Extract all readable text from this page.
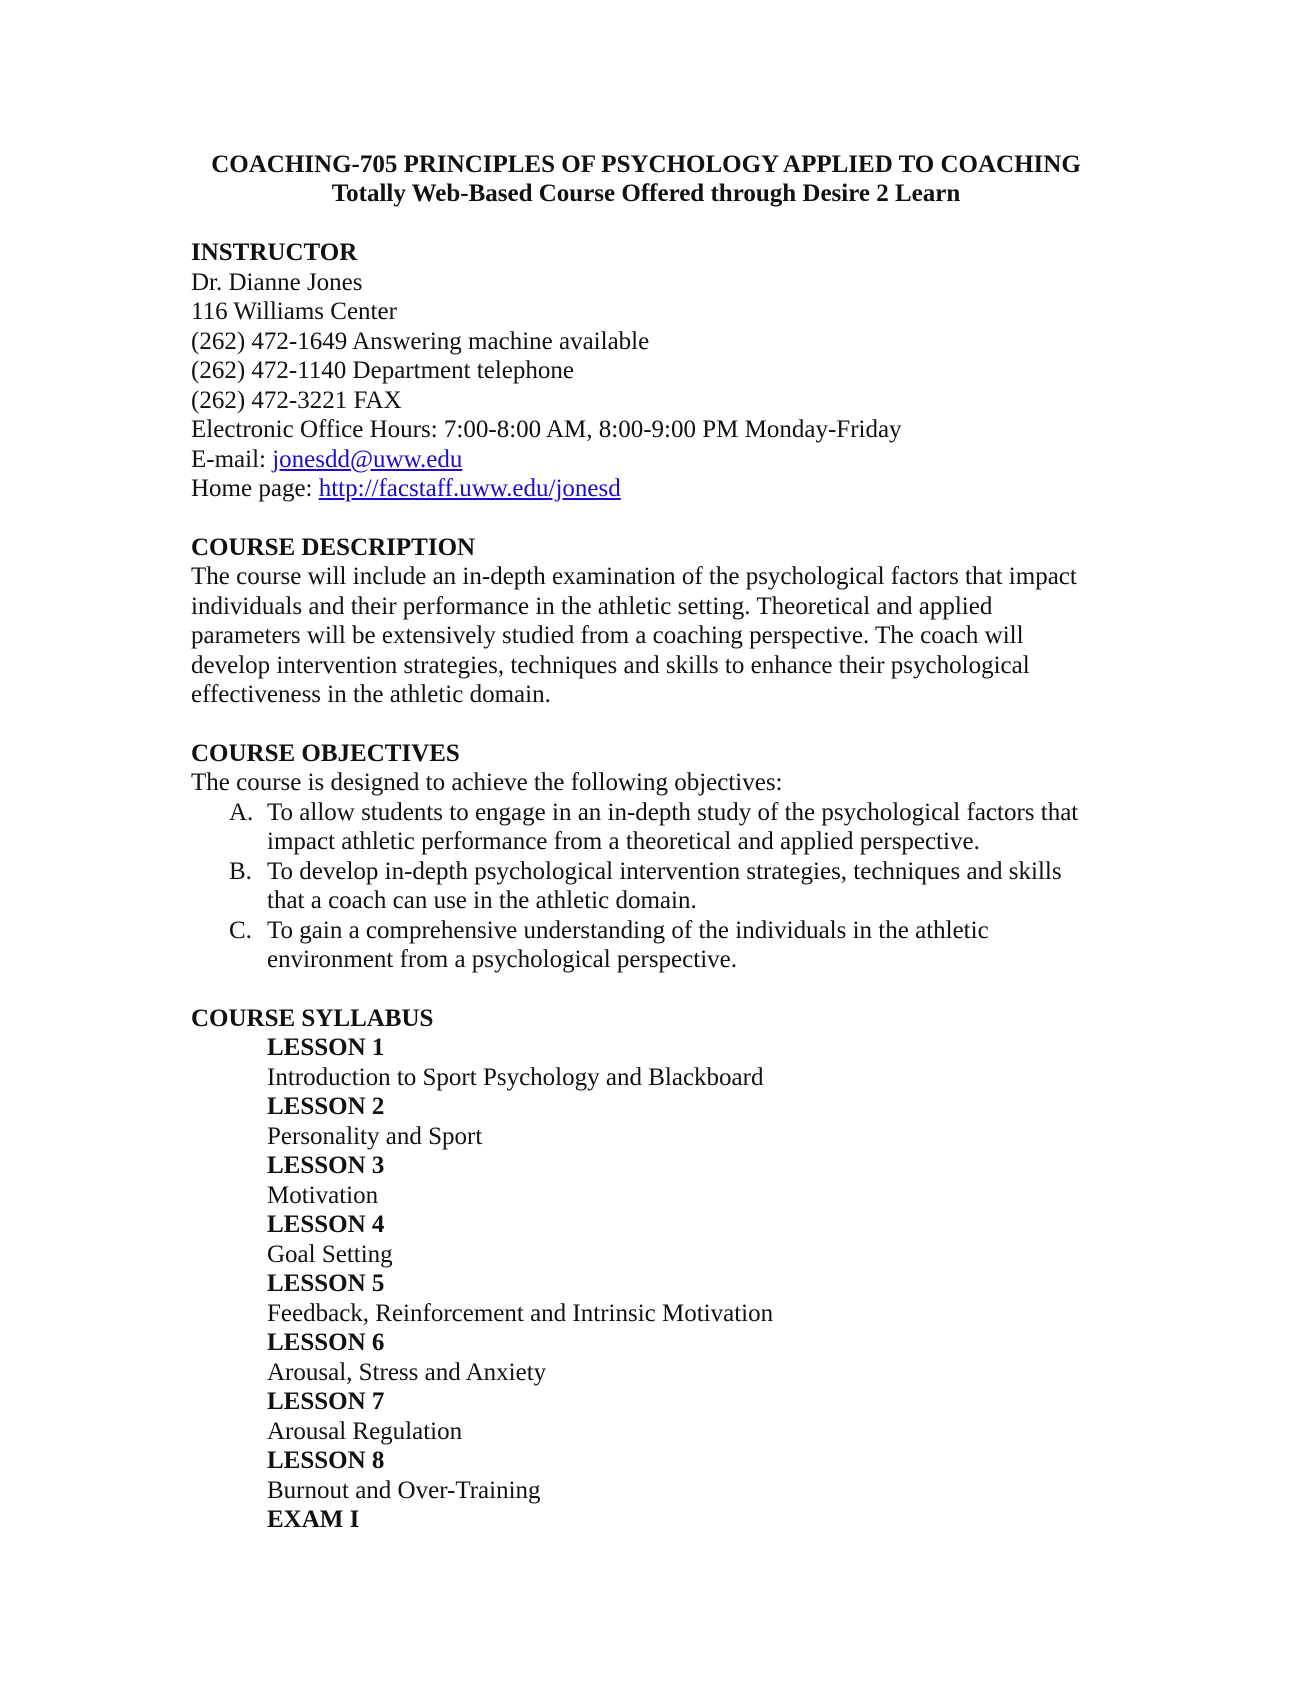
COACHING-705 PRINCIPLES OF PSYCHOLOGY APPLIED TO COACHING
Totally Web-Based Course Offered through Desire 2 Learn
INSTRUCTOR
Dr. Dianne Jones
116 Williams Center
(262) 472-1649 Answering machine available
(262) 472-1140 Department telephone
(262) 472-3221 FAX
Electronic Office Hours: 7:00-8:00 AM, 8:00-9:00 PM Monday-Friday
E-mail: jonesdd@uww.edu
Home page: http://facstaff.uww.edu/jonesd
COURSE DESCRIPTION
The course will include an in-depth examination of the psychological factors that impact
individuals and their performance in the athletic setting. Theoretical and applied
parameters will be extensively studied from a coaching perspective. The coach will
develop intervention strategies, techniques and skills to enhance their psychological
effectiveness in the athletic domain.
COURSE OBJECTIVES
The course is designed to achieve the following objectives:
A. To allow students to engage in an in-depth study of the psychological factors that
impact athletic performance from a theoretical and applied perspective.
B. To develop in-depth psychological intervention strategies, techniques and skills
that a coach can use in the athletic domain.
C. To gain a comprehensive understanding of the individuals in the athletic
environment from a psychological perspective.
COURSE SYLLABUS
LESSON 1
Introduction to Sport Psychology and Blackboard
LESSON 2
Personality and Sport
LESSON 3
Motivation
LESSON 4
Goal Setting
LESSON 5
Feedback, Reinforcement and Intrinsic Motivation
LESSON 6
Arousal, Stress and Anxiety
LESSON 7
Arousal Regulation
LESSON 8
Burnout and Over-Training
EXAM I
